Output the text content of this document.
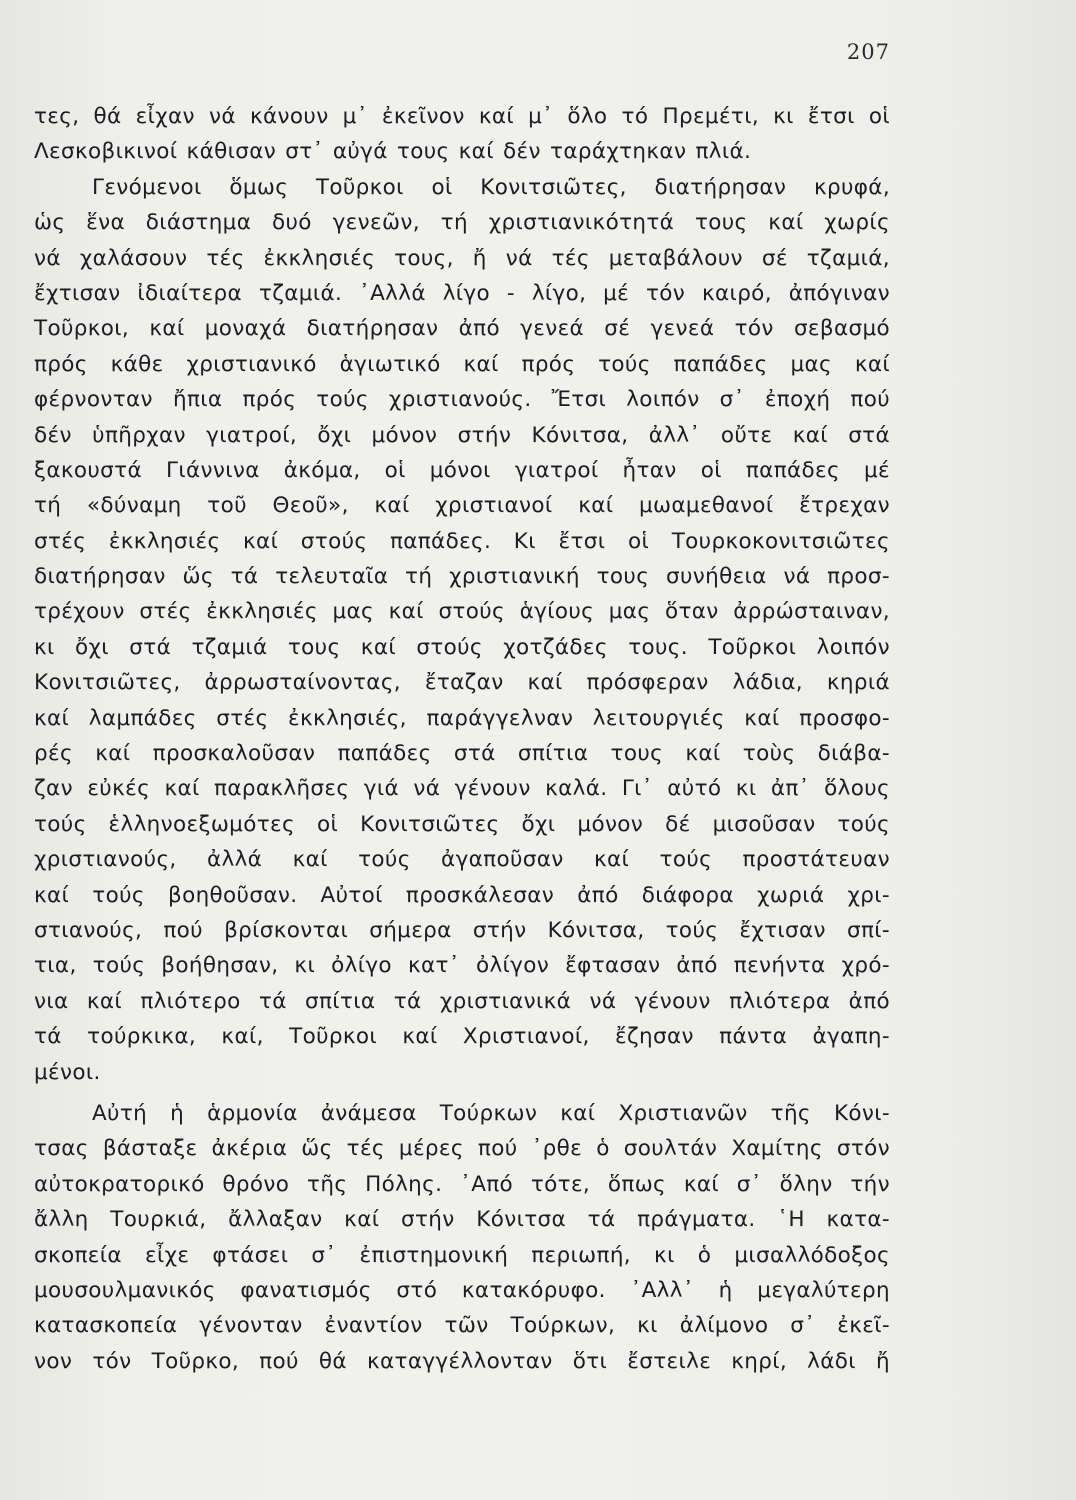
207
τες, θά εἶχαν νά κάνουν μ᾽ ἐκεῖνον καί μ᾽ ὅλο τό Πρεμέτι, κι ἔτσι οἱ
Λεσκοβικινοί κάθισαν στ᾽ αὐγά τους καί δέν ταράχτηκαν πλιά.
Γενόμενοι ὅμως Τοῦρκοι οἱ Κονιτσιῶτες, διατήρησαν κρυφά,
ὡς ἕνα διάστημα δυό γενεῶν, τή χριστιανικότητά τους καί χωρίς
νά χαλάσουν τές ἐκκλησιές τους, ἤ νά τές μεταβάλουν σέ τζαμιά,
ἔχτισαν ἰδιαίτερα τζαμιά. ᾿Αλλά λίγο - λίγο, μέ τόν καιρό, ἀπόγιναν
Τοῦρκοι, καί μοναχά διατήρησαν ἀπό γενεά σέ γενεά τόν σεβασμό
πρός κάθε χριστιανικό ἁγιωτικό καί πρός τούς παπάδες μας καί
φέρνονταν ἤπια πρός τούς χριστιανούς. Ἔτσι λοιπόν σ᾽ ἐποχή πού
δέν ὑπῆρχαν γιατροί, ὄχι μόνον στήν Κόνιτσα, ἀλλ᾽ οὔτε καί στά
ξακουστά Γιάννινα ἀκόμα, οἱ μόνοι γιατροί ἦταν οἱ παπάδες μέ
τή «δύναμη τοῦ Θεοῦ», καί χριστιανοί καί μωαμεθανοί ἔτρεχαν
στές ἐκκλησιές καί στούς παπάδες. Κι ἔτσι οἱ Τουρκοκονιτσιῶτες
διατήρησαν ὥς τά τελευταῖα τή χριστιανική τους συνήθεια νά προσ-
τρέχουν στές ἐκκλησιές μας καί στούς ἁγίους μας ὅταν ἀρρώσταιναν,
κι ὄχι στά τζαμιά τους καί στούς χοτζάδες τους. Τοῦρκοι λοιπόν
Κονιτσιῶτες, ἀρρωσταίνοντας, ἔταζαν καί πρόσφεραν λάδια, κηριά
καί λαμπάδες στές ἐκκλησιές, παράγγελναν λειτουργιές καί προσφο-
ρές καί προσκαλοῦσαν παπάδες στά σπίτια τους καί τοὺς διάβα-
ζαν εὐκές καί παρακλῆσες γιά νά γένουν καλά. Γι᾽ αὐτό κι ἀπ᾽ ὅλους
τούς ἑλληνοεξωμότες οἱ Κονιτσιῶτες ὄχι μόνον δέ μισοῦσαν τούς
χριστιανούς, ἀλλά καί τούς ἀγαποῦσαν καί τούς προστάτευαν
καί τούς βοηθοῦσαν. Αὐτοί προσκάλεσαν ἀπό διάφορα χωριά χρι-
στιανούς, πού βρίσκονται σήμερα στήν Κόνιτσα, τούς ἔχτισαν σπί-
τια, τούς βοήθησαν, κι ὀλίγο κατ᾽ ὀλίγον ἔφτασαν ἀπό πενήντα χρό-
νια καί πλιότερο τά σπίτια τά χριστιανικά νά γένουν πλιότερα ἀπό
τά τούρκικα, καί, Τοῦρκοι καί Χριστιανοί, ἔζησαν πάντα ἀγαπη-
μένοι.
Αὐτή ἡ ἁρμονία ἀνάμεσα Τούρκων καί Χριστιανῶν τῆς Κόνι-
τσας βάσταξε ἀκέρια ὥς τές μέρες πού ᾽ρθε ὁ σουλτάν Χαμίτης στόν
αὐτοκρατορικό θρόνο τῆς Πόλης. ᾿Από τότε, ὅπως καί σ᾽ ὅλην τήν
ἄλλη Τουρκιά, ἄλλαξαν καί στήν Κόνιτσα τά πράγματα. ῾Η κατα-
σκοπεία εἶχε φτάσει σ᾽ ἐπιστημονική περιωπή, κι ὁ μισαλλόδοξος
μουσουλμανικός φανατισμός στό κατακόρυφο. ᾿Αλλ᾽ ἡ μεγαλύτερη
κατασκοπεία γένονταν ἐναντίον τῶν Τούρκων, κι ἀλίμονο σ᾽ ἐκεῖ-
νον τόν Τοῦρκο, πού θά καταγγέλλονταν ὅτι ἔστειλε κηρί, λάδι ἤ
